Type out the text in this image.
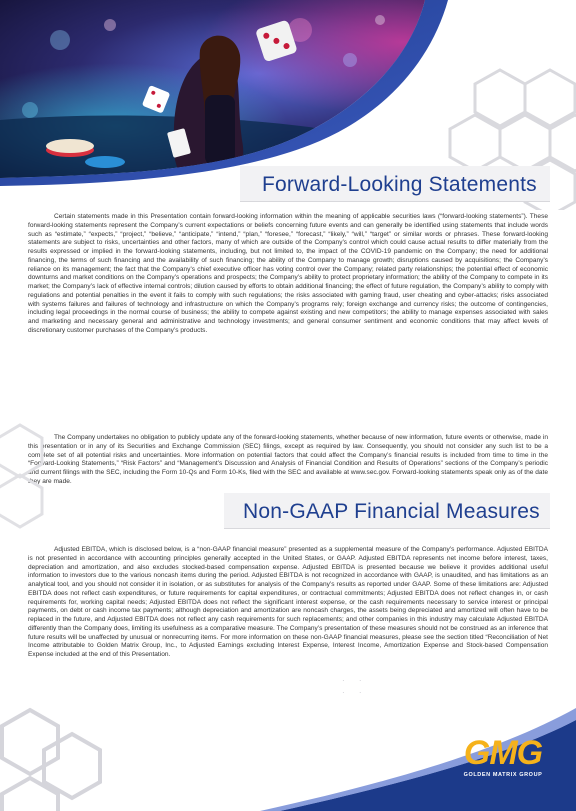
Forward-Looking Statements

Certain statements made in this Presentation contain forward-looking information within the meaning of applicable securities laws (“forward-looking statements”). These forward-looking statements represent the Company’s current expectations or beliefs concerning future events and can generally be identified using statements that include words such as “estimate,” “expects,” “project,” “believe,” “anticipate,” “intend,” “plan,” “foresee,” “forecast,” “likely,” “will,” “target” or similar words or phrases. These forward-looking statements are subject to risks, uncertainties and other factors, many of which are outside of the Company’s control which could cause actual results to differ materially from the results expressed or implied in the forward-looking statements, including, but not limited to, the impact of the COVID-19 pandemic on the Company; the need for additional financing, the terms of such financing and the availability of such financing; the ability of the Company to manage growth; disruptions caused by acquisitions; the Company’s reliance on its management; the fact that the Company’s chief executive officer has voting control over the Company; related party relationships; the potential effect of economic downturns and market conditions on the Company’s operations and prospects; the Company’s ability to protect proprietary information; the ability of the Company to compete in its market; the Company’s lack of effective internal controls; dilution caused by efforts to obtain additional financing; the effect of future regulation, the Company’s ability to comply with regulations and potential penalties in the event it fails to comply with such regulations; the risks associated with gaming fraud, user cheating and cyber-attacks; risks associated with systems failures and failures of technology and infrastructure on which the Company’s programs rely; foreign exchange and currency risks; the outcome of contingencies, including legal proceedings in the normal course of business; the ability to compete against existing and new competitors; the ability to manage expenses associated with sales and marketing and necessary general and administrative and technology investments; and general consumer sentiment and economic conditions that may affect levels of discretionary customer purchases of the Company’s products.

The Company undertakes no obligation to publicly update any of the forward-looking statements, whether because of new information, future events or otherwise, made in this presentation or in any of its Securities and Exchange Commission (SEC) filings, except as required by law. Consequently, you should not consider any such list to be a complete set of all potential risks and uncertainties. More information on potential factors that could affect the Company’s financial results is included from time to time in the “Forward-Looking Statements,” “Risk Factors” and “Management’s Discussion and Analysis of Financial Condition and Results of Operations” sections of the Company’s periodic and current filings with the SEC, including the Form 10-Qs and Form 10-Ks, filed with the SEC and available at www.sec.gov. Forward-looking statements speak only as of the date they are made.

Non-GAAP Financial Measures

Adjusted EBITDA, which is disclosed below, is a “non-GAAP financial measure” presented as a supplemental measure of the Company’s performance. Adjusted EBITDA is not presented in accordance with accounting principles generally accepted in the United States, or GAAP. Adjusted EBITDA represents net income before interest, taxes, depreciation and amortization, and also excludes stocked-based compensation expense. Adjusted EBITDA is presented because we believe it provides additional useful information to investors due to the various noncash items during the period. Adjusted EBITDA is not recognized in accordance with GAAP, is unaudited, and has limitations as an analytical tool, and you should not consider it in isolation, or as substitutes for analysis of the Company’s results as reported under GAAP. Some of these limitations are: Adjusted EBITDA does not reflect cash expenditures, or future requirements for capital expenditures, or contractual commitments; Adjusted EBITDA does not reflect changes in, or cash requirements for, working capital needs; Adjusted EBITDA does not reflect the significant interest expense, or the cash requirements necessary to service interest or principal payments, on debt or cash income tax payments; although depreciation and amortization are noncash charges, the assets being depreciated and amortized will often have to be replaced in the future, and Adjusted EBITDA does not reflect any cash requirements for such replacements; and other companies in this industry may calculate Adjusted EBITDA differently than the Company does, limiting its usefulness as a comparative measure. The Company’s presentation of these measures should not be construed as an inference that future results will be unaffected by unusual or nonrecurring items. For more information on these non-GAAP financial measures, please see the section titled “Reconciliation of Net Income attributable to Golden Matrix Group, Inc., to Adjusted Earnings excluding Interest Expense, Interest Income, Amortization Expense and Stock-based Compensation Expense included at the end of this Presentation.

GMG
GOLDEN MATRIX GROUP
· ·
· ·
